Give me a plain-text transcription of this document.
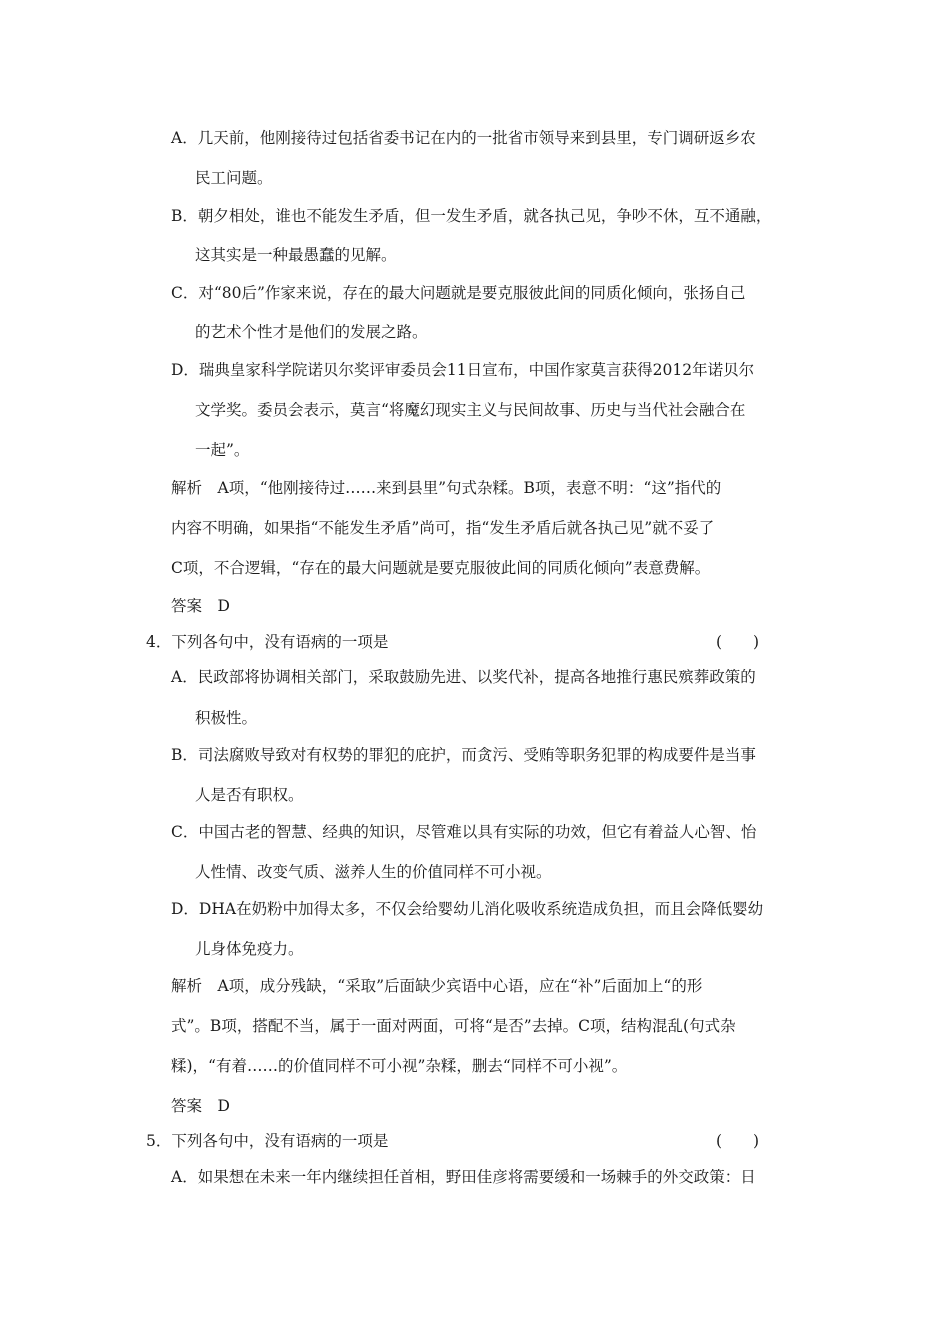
A．几天前，他刚接待过包括省委书记在内的一批省市领导来到县里，专门调研返乡农
民工问题。
B．朝夕相处，谁也不能发生矛盾，但一发生矛盾，就各执己见，争吵不休，互不通融，
这其实是一种最愚蠢的见解。
C．对“80后”作家来说，存在的最大问题就是要克服彼此间的同质化倾向，张扬自己
的艺术个性才是他们的发展之路。
D．瑞典皇家科学院诺贝尔奖评审委员会11日宣布，中国作家莫言获得2012年诺贝尔
文学奖。委员会表示，莫言“将魔幻现实主义与民间故事、历史与当代社会融合在
一起”。
解析　A项，“他刚接待过……来到县里”句式杂糅。B项，表意不明：“这”指代的
内容不明确，如果指“不能发生矛盾”尚可，指“发生矛盾后就各执己见”就不妥了
C项，不合逻辑，“存在的最大问题就是要克服彼此间的同质化倾向”表意费解。
答案　D
4．下列各句中，没有语病的一项是	(　　)
A．民政部将协调相关部门，采取鼓励先进、以奖代补，提高各地推行惠民殡葬政策的
积极性。
B．司法腐败导致对有权势的罪犯的庇护，而贪污、受贿等职务犯罪的构成要件是当事
人是否有职权。
C．中国古老的智慧、经典的知识，尽管难以具有实际的功效，但它有着益人心智、怡
人性情、改变气质、滋养人生的价值同样不可小视。
D．DHA在奶粉中加得太多，不仅会给婴幼儿消化吸收系统造成负担，而且会降低婴幼
儿身体免疫力。
解析　A项，成分残缺，“采取”后面缺少宾语中心语，应在“补”后面加上“的形
式”。B项，搭配不当，属于一面对两面，可将“是否”去掉。C项，结构混乱(句式杂
糅)，“有着……的价值同样不可小视”杂糅，删去“同样不可小视”。
答案　D
5．下列各句中，没有语病的一项是	(　　)
A．如果想在未来一年内继续担任首相，野田佳彦将需要缓和一场棘手的外交政策：日
